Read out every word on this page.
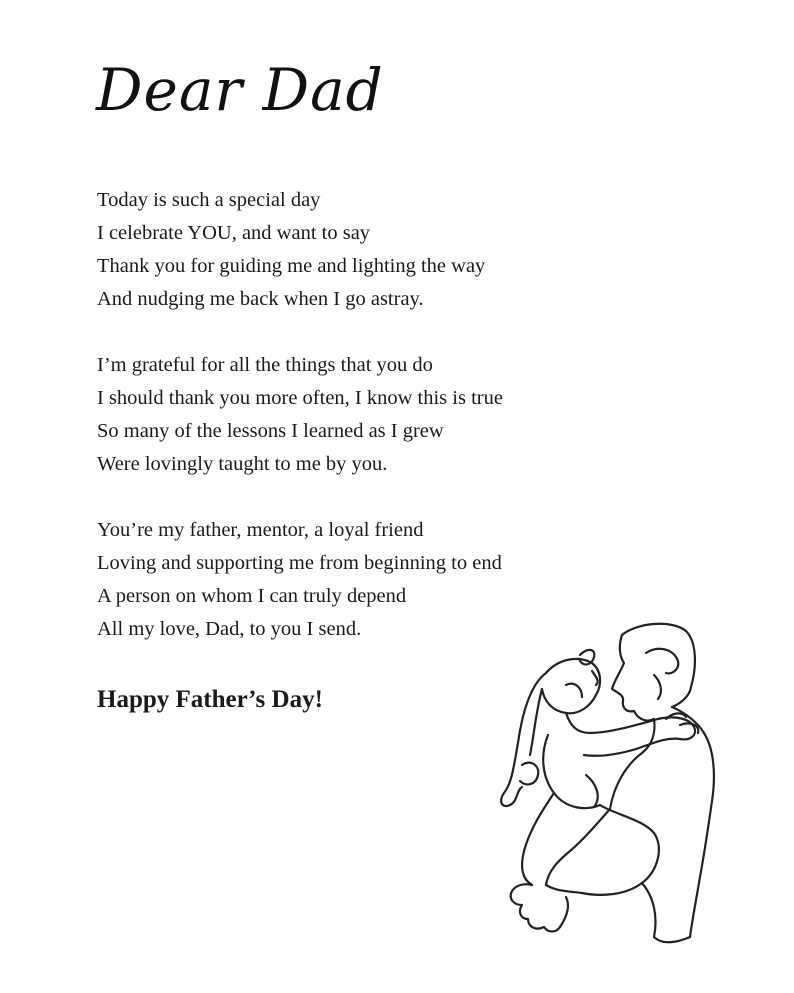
Dear Dad
Today is such a special day
I celebrate YOU, and want to say
Thank you for guiding me and lighting the way
And nudging me back when I go astray.
I’m grateful for all the things that you do
I should thank you more often, I know this is true
So many of the lessons I learned as I grew
Were lovingly taught to me by you.
You’re my father, mentor, a loyal friend
Loving and supporting me from beginning to end
A person on whom I can truly depend
All my love, Dad, to you I send.

Happy Father’s Day!
